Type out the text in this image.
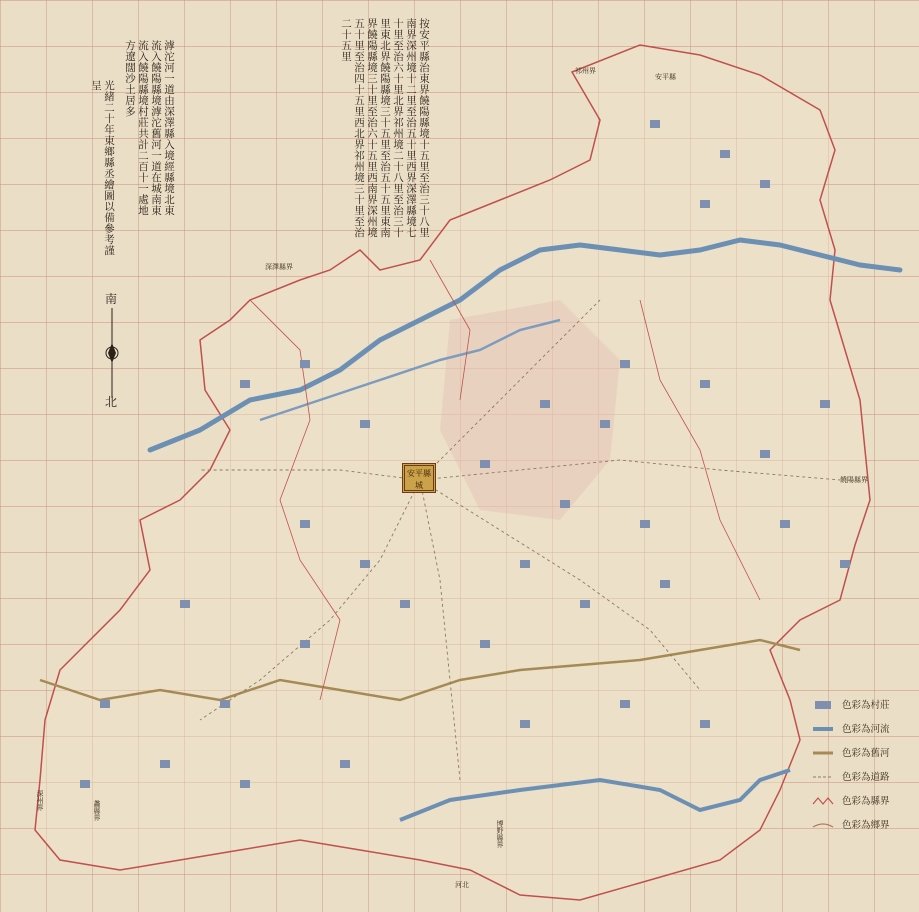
按安平縣治東界饒陽縣境十五里至治三十八里南界深州境十二里至治五十里西界深澤縣境七十里至治六十里北界祁州境二十八里至治三十里東北界饒陽縣境三十五里至治五十五里東南界饒陽縣境三十里至治六十五里西南界深州境五十里至治四十五里西北界祁州境三十里至治二十五里
滹沱河一道由深澤縣入境經縣境北東流入饒陽縣境滹沱舊河一道在城南東流入饒陽縣境村莊共計二百十一處地方遼闊沙土居多
光緒二十年東鄉縣丞繪圖以備參考謹呈
南
北
安平縣城
深州界
饒陽縣界
祁州界
深澤縣界
博野縣界
蠡縣界
安平縣
河北
色彩為村莊
色彩為河流
色彩為舊河
色彩為道路
色彩為縣界
色彩為鄉界
